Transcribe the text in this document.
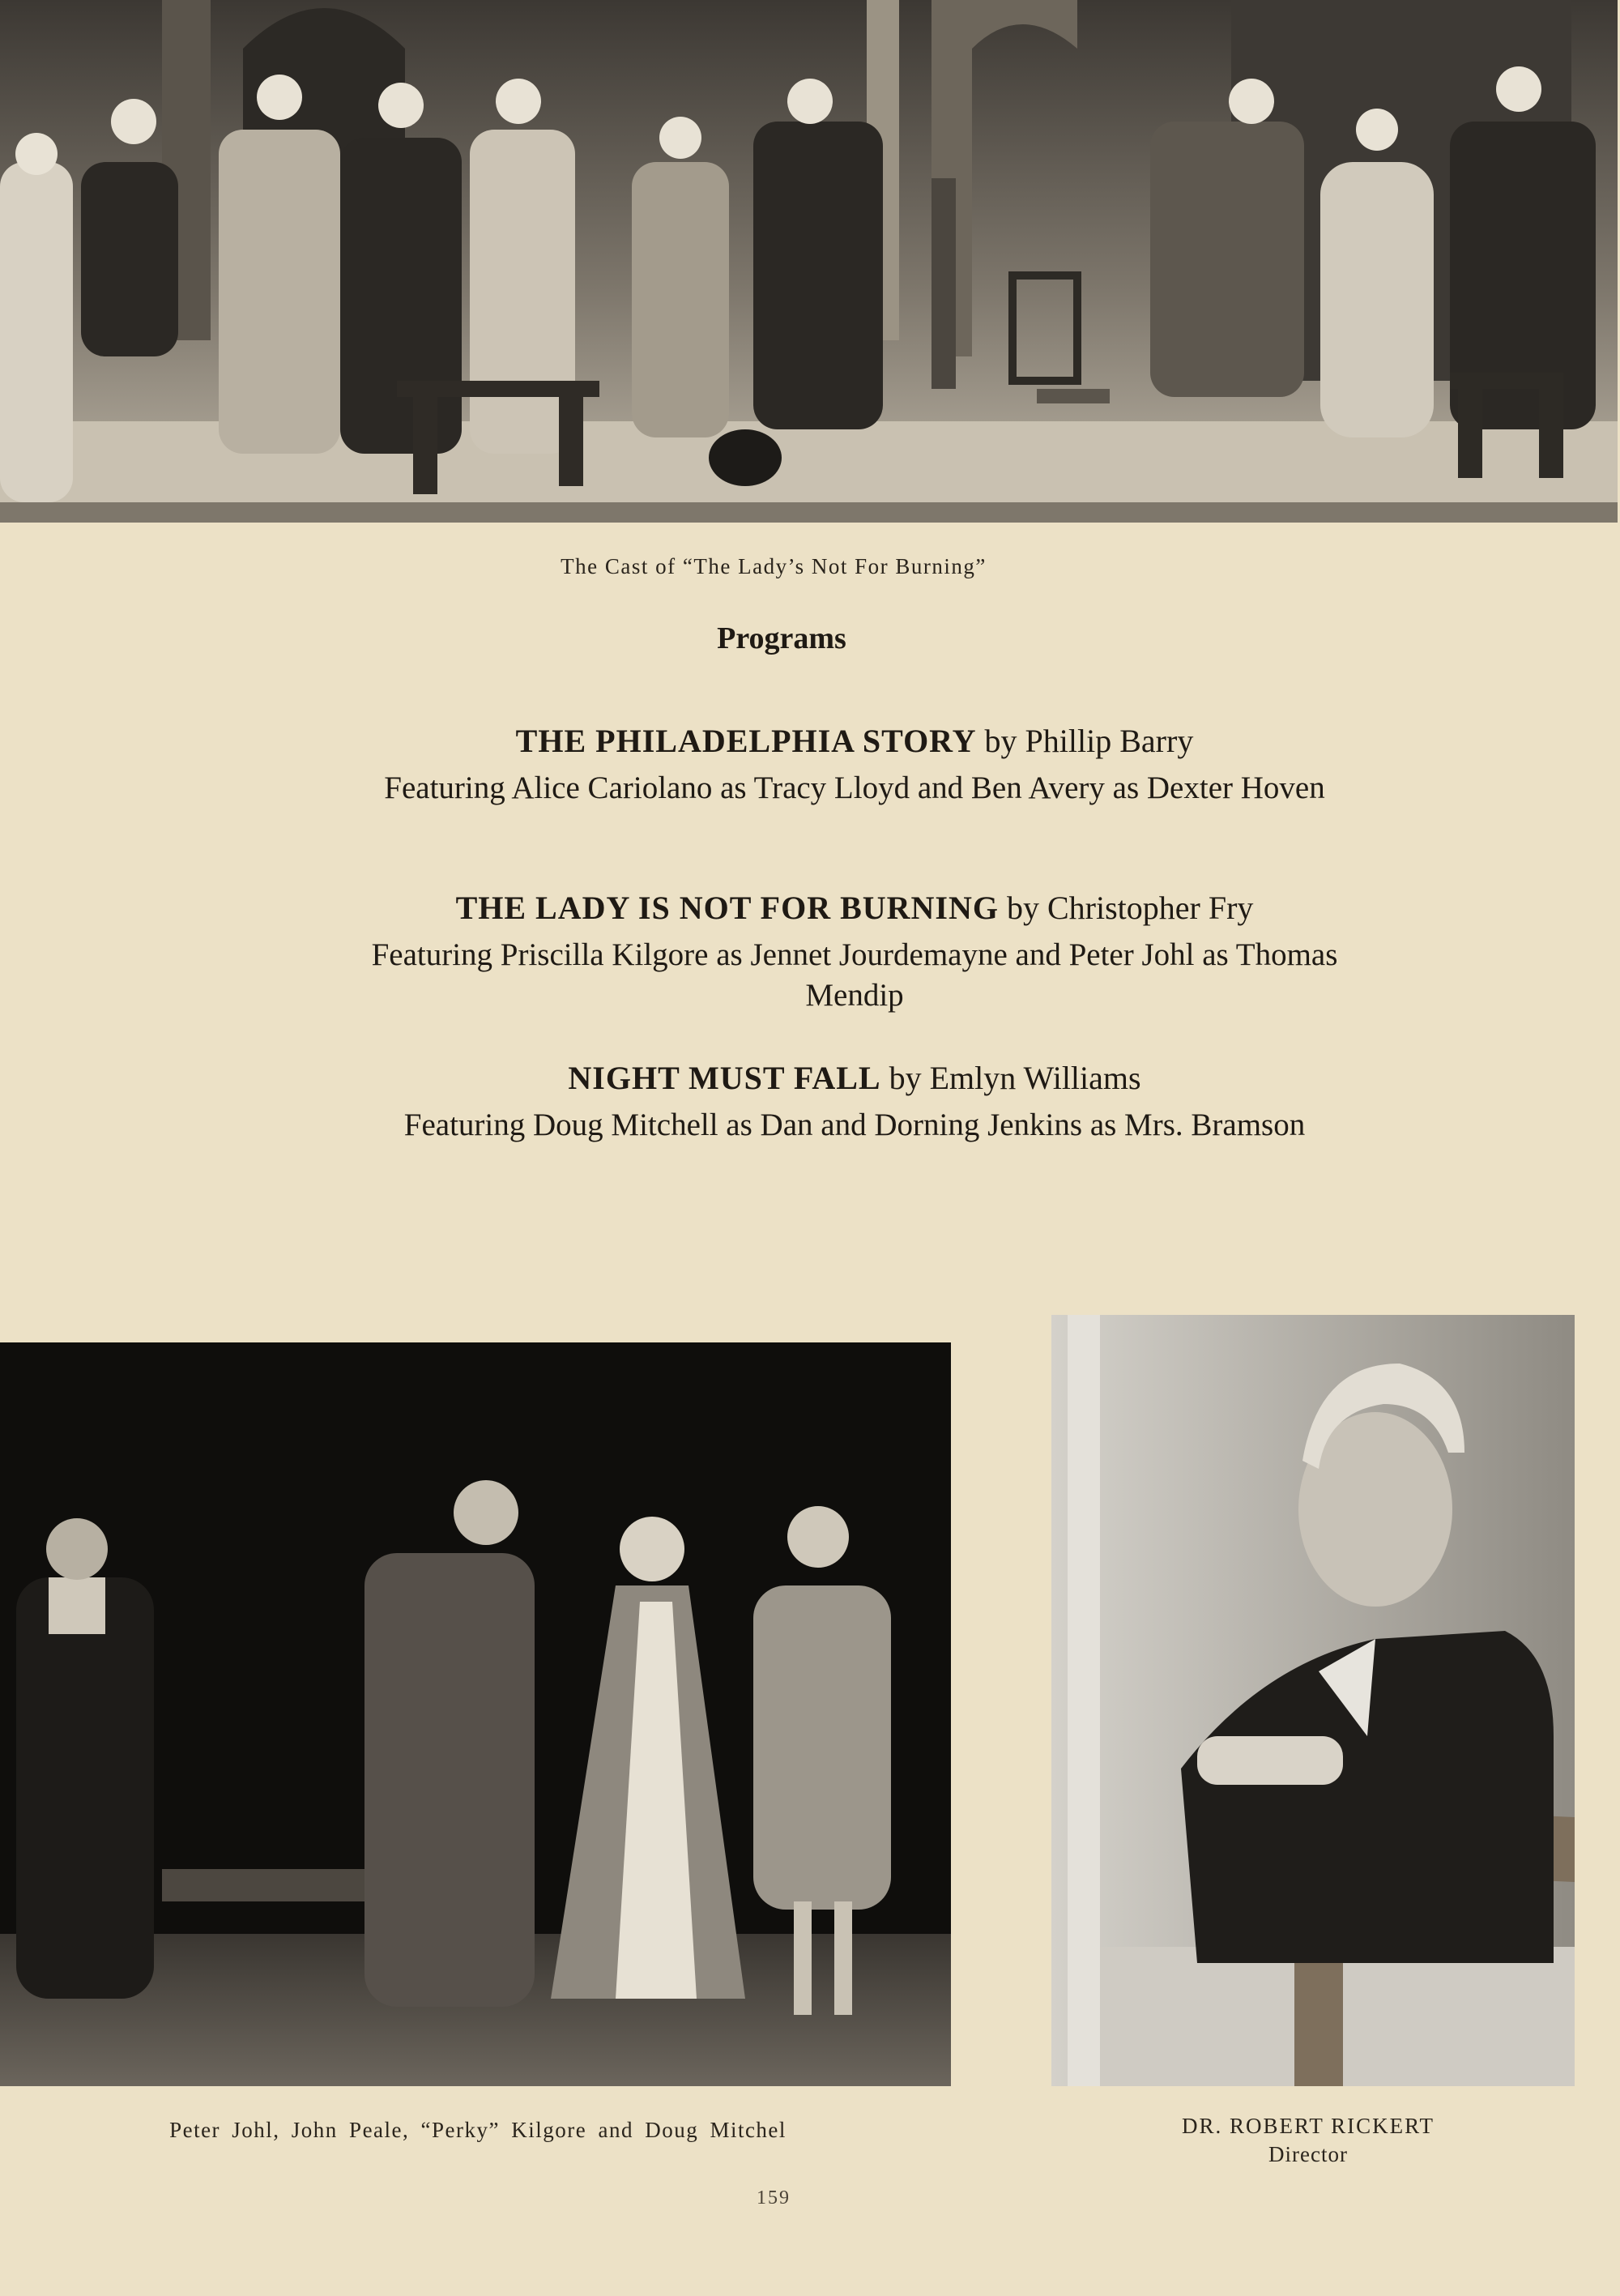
The Cast of “The Lady’s Not For Burning”
Programs
THE PHILADELPHIA STORY by Phillip Barry
Featuring Alice Cariolano as Tracy Lloyd and Ben Avery as Dexter Hoven
THE LADY IS NOT FOR BURNING by Christopher Fry
Featuring Priscilla Kilgore as Jennet Jourdemayne and Peter Johl as Thomas Mendip
NIGHT MUST FALL by Emlyn Williams
Featuring Doug Mitchell as Dan and Dorning Jenkins as Mrs. Bramson
Peter Johl, John Peale, “Perky” Kilgore and Doug Mitchel	DR. ROBERT RICKERT
Director
159
